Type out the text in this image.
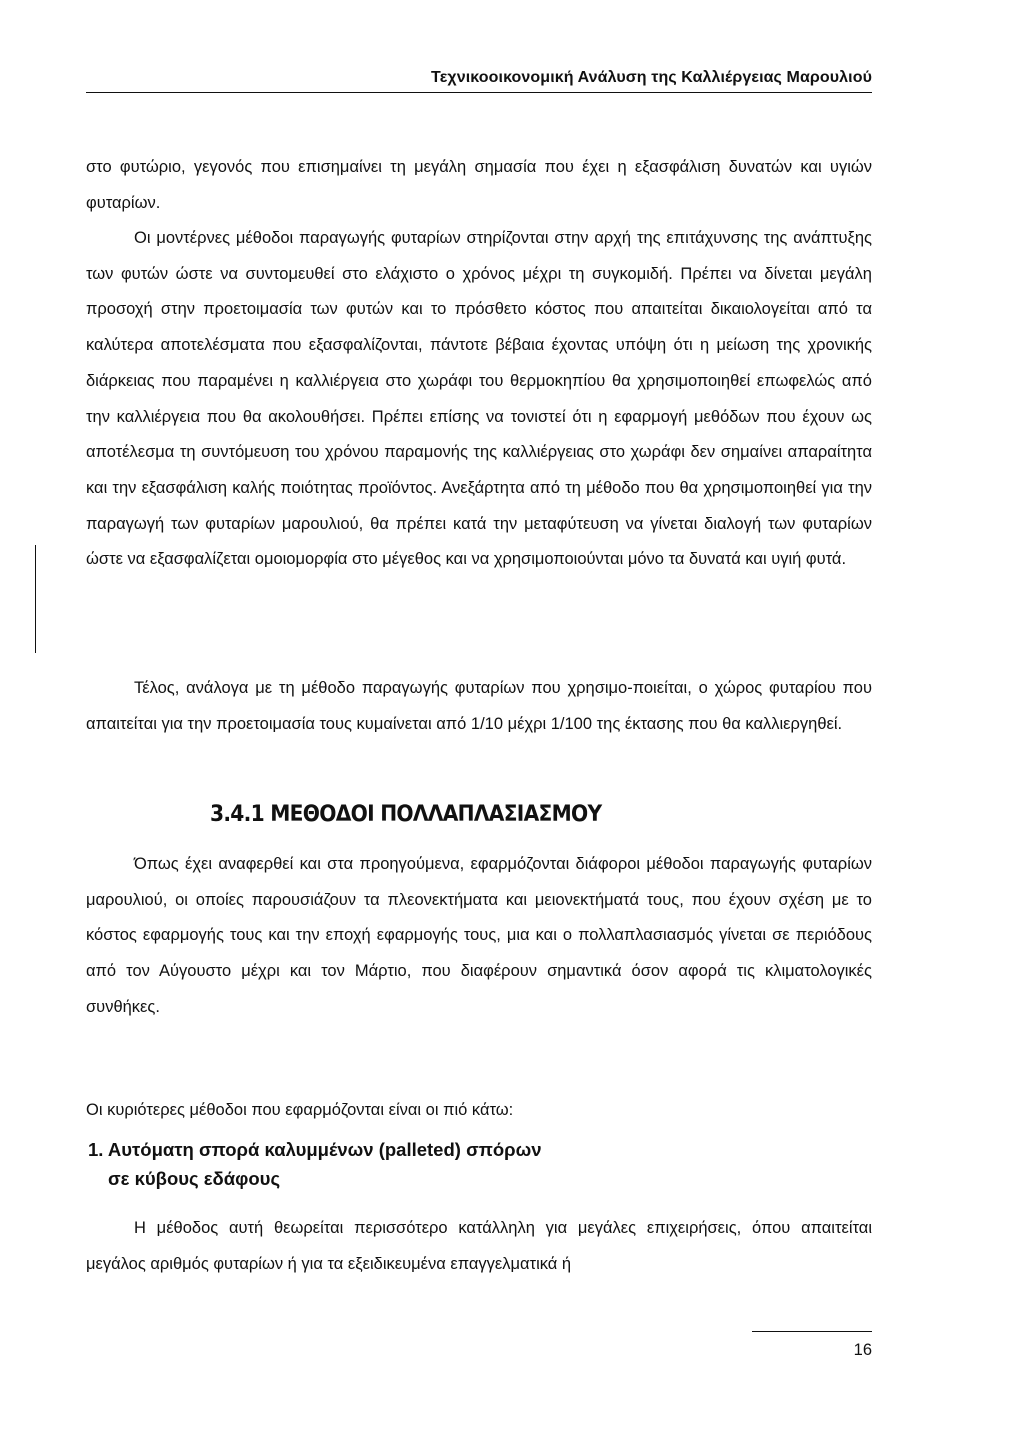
Τεχνικοοικονομική Ανάλυση της Καλλιέργειας Μαρουλιού

στο φυτώριο, γεγονός που επισημαίνει τη μεγάλη σημασία που έχει η εξασφάλιση δυνατών και υγιών φυταρίων.

Οι μοντέρνες μέθοδοι παραγωγής φυταρίων στηρίζονται στην αρχή της επιτάχυνσης της ανάπτυξης των φυτών ώστε να συντομευθεί στο ελάχιστο ο χρόνος μέχρι τη συγκομιδή. Πρέπει να δίνεται μεγάλη προσοχή στην προετοιμασία των φυτών και το πρόσθετο κόστος που απαιτείται δικαιολογείται από τα καλύτερα αποτελέσματα που εξασφαλίζονται, πάντοτε βέβαια έχοντας υπόψη ότι η μείωση της χρονικής διάρκειας που παραμένει η καλλιέργεια στο χωράφι του θερμοκηπίου θα χρησιμοποιηθεί επωφελώς από την καλλιέργεια που θα ακολουθήσει. Πρέπει επίσης να τονιστεί ότι η εφαρμογή μεθόδων που έχουν ως αποτέλεσμα τη συντόμευση του χρόνου παραμονής της καλλιέργειας στο χωράφι δεν σημαίνει απαραίτητα και την εξασφάλιση καλής ποιότητας προϊόντος. Ανεξάρτητα από τη μέθοδο που θα χρησιμοποιηθεί για την παραγωγή των φυταρίων μαρουλιού, θα πρέπει κατά την μεταφύτευση να γίνεται διαλογή των φυταρίων ώστε να εξασφαλίζεται ομοιομορφία στο μέγεθος και να χρησιμοποιούνται μόνο τα δυνατά και υγιή φυτά.

Τέλος, ανάλογα με τη μέθοδο παραγωγής φυταρίων που χρησιμο-ποιείται, ο χώρος φυταρίου που απαιτείται για την προετοιμασία τους κυμαίνεται από 1/10 μέχρι 1/100 της έκτασης που θα καλλιεργηθεί.

3.4.1 ΜΕΘΟΔΟΙ ΠΟΛΛΑΠΛΑΣΙΑΣΜΟΥ

Όπως έχει αναφερθεί και στα προηγούμενα, εφαρμόζονται διάφοροι μέθοδοι παραγωγής φυταρίων μαρουλιού, οι οποίες παρουσιάζουν τα πλεονεκτήματα και μειονεκτήματά τους, που έχουν σχέση με το κόστος εφαρμογής τους και την εποχή εφαρμογής τους, μια και ο πολλαπλασιασμός γίνεται σε περιόδους από τον Αύγουστο μέχρι και τον Μάρτιο, που διαφέρουν σημαντικά όσον αφορά τις κλιματολογικές συνθήκες.

Οι κυριότερες μέθοδοι που εφαρμόζονται είναι οι πιό κάτω:

1. Αυτόματη σπορά καλυμμένων (palleted) σπόρων
σε κύβους εδάφους

Η μέθοδος αυτή θεωρείται περισσότερο κατάλληλη για μεγάλες επιχειρήσεις, όπου απαιτείται μεγάλος αριθμός φυταρίων ή για τα εξειδικευμένα επαγγελματικά ή

16
